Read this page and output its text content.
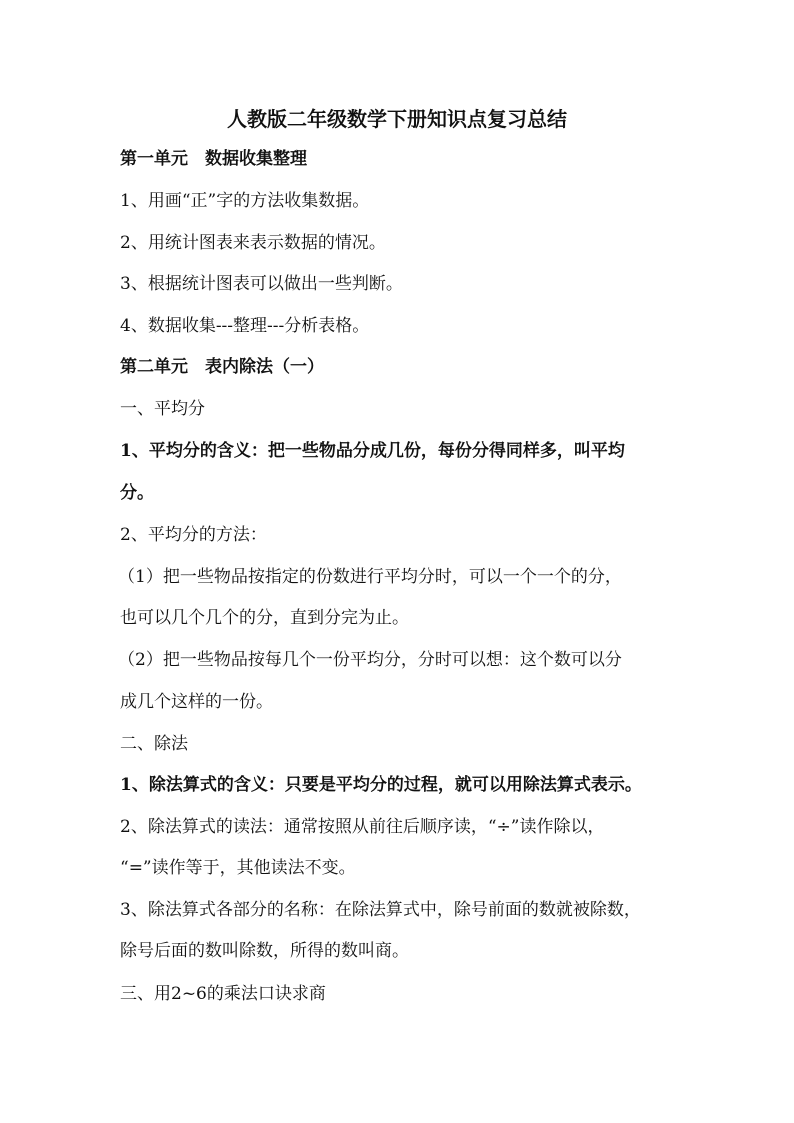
人教版二年级数学下册知识点复习总结
第一单元　数据收集整理
1、用画“正”字的方法收集数据。
2、用统计图表来表示数据的情况。
3、根据统计图表可以做出一些判断。
4、数据收集---整理---分析表格。
第二单元　表内除法（一）
一、平均分
1、平均分的含义：把一些物品分成几份，每份分得同样多，叫平均
分。
2、平均分的方法：
（1）把一些物品按指定的份数进行平均分时，可以一个一个的分，
也可以几个几个的分，直到分完为止。
（2）把一些物品按每几个一份平均分，分时可以想：这个数可以分
成几个这样的一份。
二、除法
1、除法算式的含义：只要是平均分的过程，就可以用除法算式表示。
2、除法算式的读法：通常按照从前往后顺序读，“÷”读作除以，
“=”读作等于，其他读法不变。
3、除法算式各部分的名称：在除法算式中，除号前面的数就被除数，
除号后面的数叫除数，所得的数叫商。
三、用2~6的乘法口诀求商
